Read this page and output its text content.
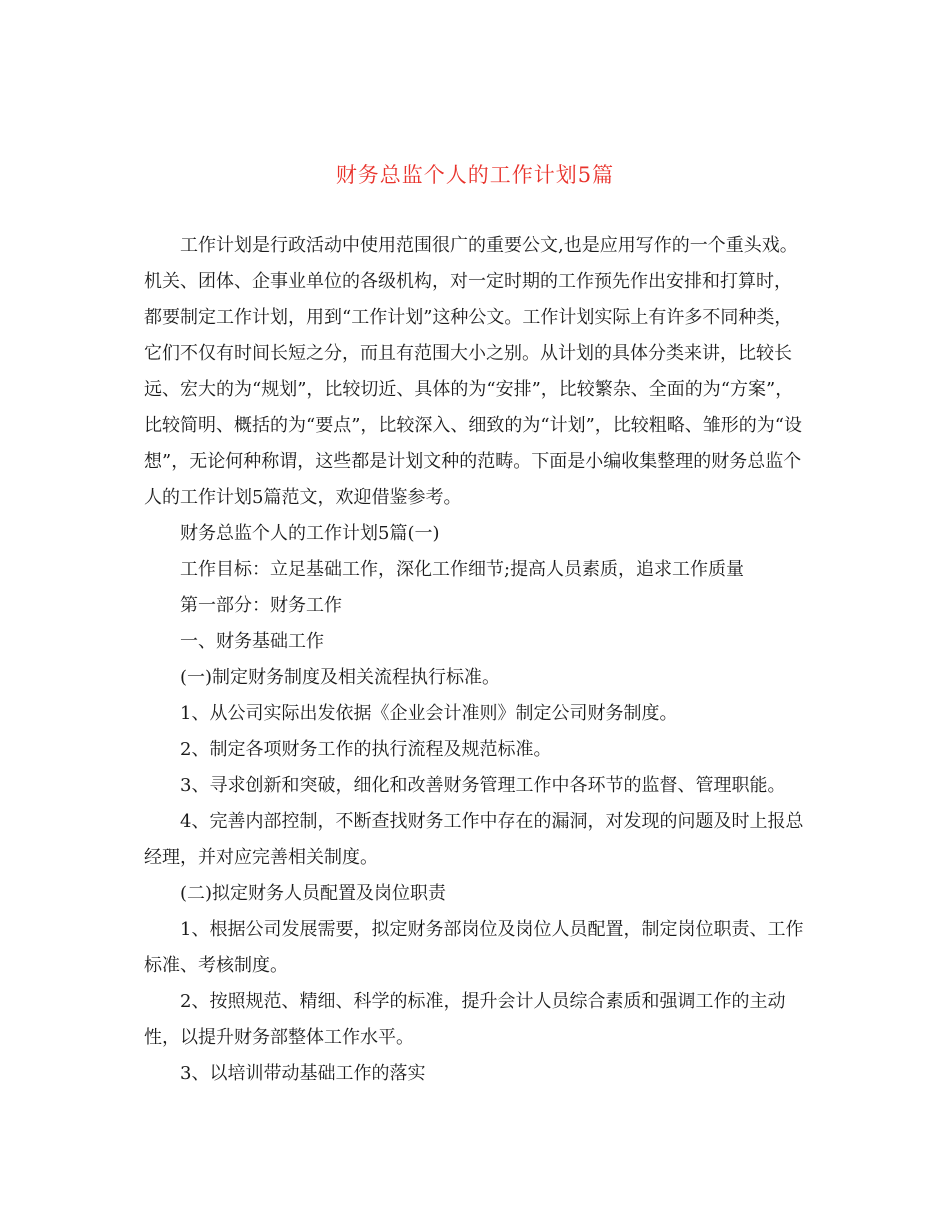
财务总监个人的工作计划5篇

工作计划是行政活动中使用范围很广的重要公文,也是应用写作的一个重头戏。机关、团体、企事业单位的各级机构，对一定时期的工作预先作出安排和打算时，都要制定工作计划，用到“工作计划”这种公文。工作计划实际上有许多不同种类，它们不仅有时间长短之分，而且有范围大小之别。从计划的具体分类来讲，比较长远、宏大的为“规划”，比较切近、具体的为“安排”，比较繁杂、全面的为“方案”，比较简明、概括的为“要点”，比较深入、细致的为“计划”，比较粗略、雏形的为“设想”，无论何种称谓，这些都是计划文种的范畴。下面是小编收集整理的财务总监个人的工作计划5篇范文，欢迎借鉴参考。

财务总监个人的工作计划5篇(一)

工作目标：立足基础工作，深化工作细节;提高人员素质，追求工作质量

第一部分：财务工作

一、财务基础工作

(一)制定财务制度及相关流程执行标准。

1、从公司实际出发依据《企业会计准则》制定公司财务制度。

2、制定各项财务工作的执行流程及规范标准。

3、寻求创新和突破，细化和改善财务管理工作中各环节的监督、管理职能。

4、完善内部控制，不断查找财务工作中存在的漏洞，对发现的问题及时上报总经理，并对应完善相关制度。

(二)拟定财务人员配置及岗位职责

1、根据公司发展需要，拟定财务部岗位及岗位人员配置，制定岗位职责、工作标准、考核制度。

2、按照规范、精细、科学的标准，提升会计人员综合素质和强调工作的主动性，以提升财务部整体工作水平。

3、以培训带动基础工作的落实
